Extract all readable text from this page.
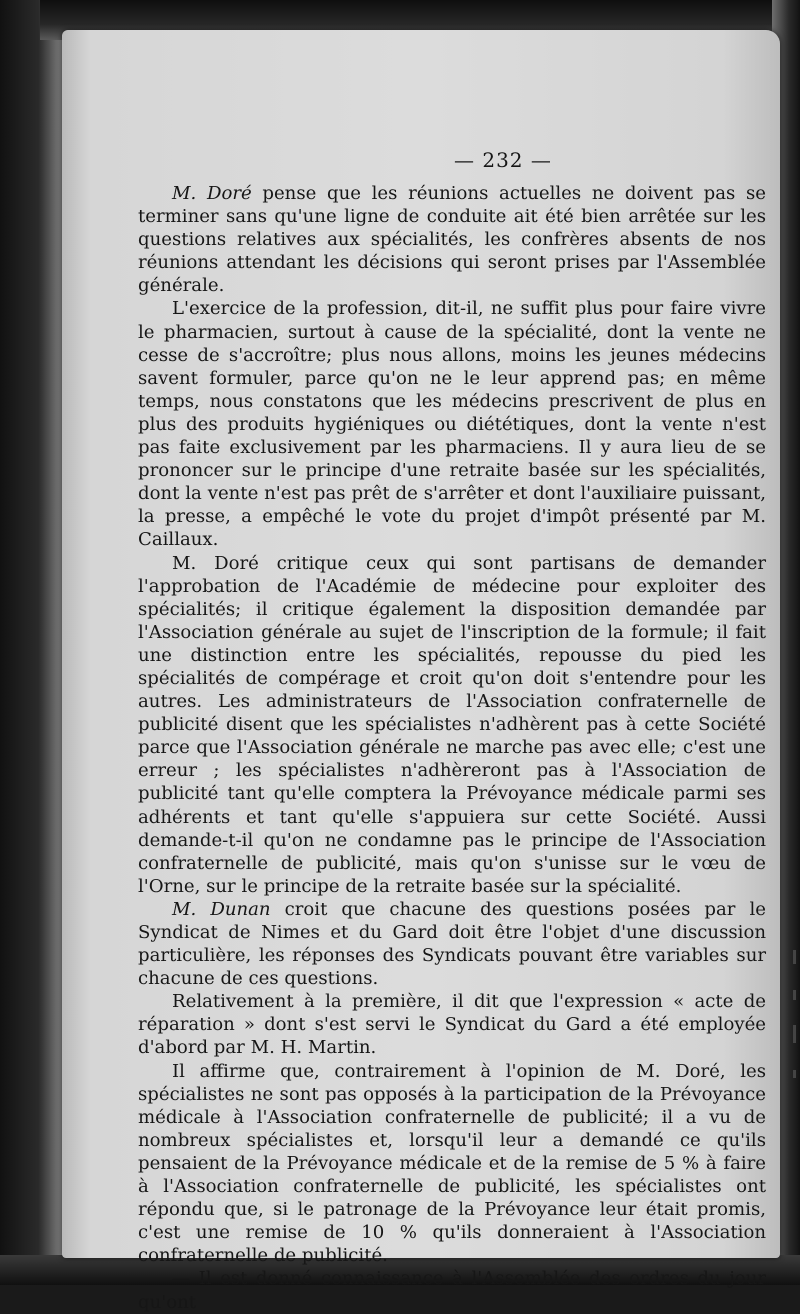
— 232 —

M. Doré pense que les réunions actuelles ne doivent pas se terminer sans qu'une ligne de conduite ait été bien arrêtée sur les questions relatives aux spécialités, les confrères absents de nos réunions attendant les décisions qui seront prises par l'Assemblée générale.

L'exercice de la profession, dit-il, ne suffit plus pour faire vivre le pharmacien, surtout à cause de la spécialité, dont la vente ne cesse de s'accroître; plus nous allons, moins les jeunes médecins savent formuler, parce qu'on ne le leur apprend pas; en même temps, nous constatons que les médecins prescrivent de plus en plus des produits hygiéniques ou diététiques, dont la vente n'est pas faite exclusivement par les pharmaciens. Il y aura lieu de se prononcer sur le principe d'une retraite basée sur les spécialités, dont la vente n'est pas prêt de s'arrêter et dont l'auxiliaire puissant, la presse, a empêché le vote du projet d'impôt présenté par M. Caillaux.

M. Doré critique ceux qui sont partisans de demander l'approbation de l'Académie de médecine pour exploiter des spécialités; il critique également la disposition demandée par l'Association générale au sujet de l'inscription de la formule; il fait une distinction entre les spécialités, repousse du pied les spécialités de compérage et croit qu'on doit s'entendre pour les autres. Les administrateurs de l'Association confraternelle de publicité disent que les spécialistes n'adhèrent pas à cette Société parce que l'Association générale ne marche pas avec elle; c'est une erreur ; les spécialistes n'adhèreront pas à l'Association de publicité tant qu'elle comptera la Prévoyance médicale parmi ses adhérents et tant qu'elle s'appuiera sur cette Société. Aussi demande-t-il qu'on ne condamne pas le principe de l'Association confraternelle de publicité, mais qu'on s'unisse sur le vœu de l'Orne, sur le principe de la retraite basée sur la spécialité.

M. Dunan croit que chacune des questions posées par le Syndicat de Nimes et du Gard doit être l'objet d'une discussion particulière, les réponses des Syndicats pouvant être variables sur chacune de ces questions.

Relativement à la première, il dit que l'expression « acte de réparation » dont s'est servi le Syndicat du Gard a été employée d'abord par M. H. Martin.

Il affirme que, contrairement à l'opinion de M. Doré, les spécialistes ne sont pas opposés à la participation de la Prévoyance médicale à l'Association confraternelle de publicité; il a vu de nombreux spécialistes et, lorsqu'il leur a demandé ce qu'ils pensaient de la Prévoyance médicale et de la remise de 5 % à faire à l'Association confraternelle de publicité, les spécialistes ont répondu que, si le patronage de la Prévoyance leur était promis, c'est une remise de 10 % qu'ils donneraient à l'Association confraternelle de publicité.

— Il est donné connaissance à l'Assemblée des ordres du jour qu'ont
